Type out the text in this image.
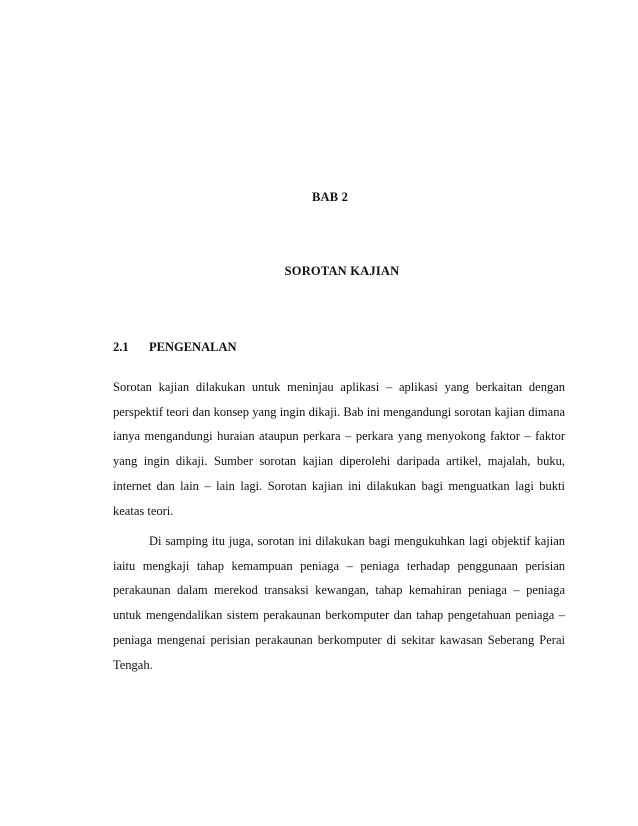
BAB 2
SOROTAN KAJIAN
2.1	PENGENALAN

Sorotan kajian dilakukan untuk meninjau aplikasi – aplikasi yang berkaitan dengan perspektif teori dan konsep yang ingin dikaji. Bab ini mengandungi sorotan kajian dimana ianya mengandungi huraian ataupun perkara – perkara yang menyokong faktor – faktor yang ingin dikaji. Sumber sorotan kajian diperolehi daripada artikel, majalah, buku, internet dan lain – lain lagi. Sorotan kajian ini dilakukan bagi menguatkan lagi bukti keatas teori.

Di samping itu juga, sorotan ini dilakukan bagi mengukuhkan lagi objektif kajian iaitu mengkaji tahap kemampuan peniaga – peniaga terhadap penggunaan perisian perakaunan dalam merekod transaksi kewangan, tahap kemahiran peniaga – peniaga untuk mengendalikan sistem perakaunan berkomputer dan tahap pengetahuan peniaga – peniaga mengenai perisian perakaunan berkomputer di sekitar kawasan Seberang Perai Tengah.
